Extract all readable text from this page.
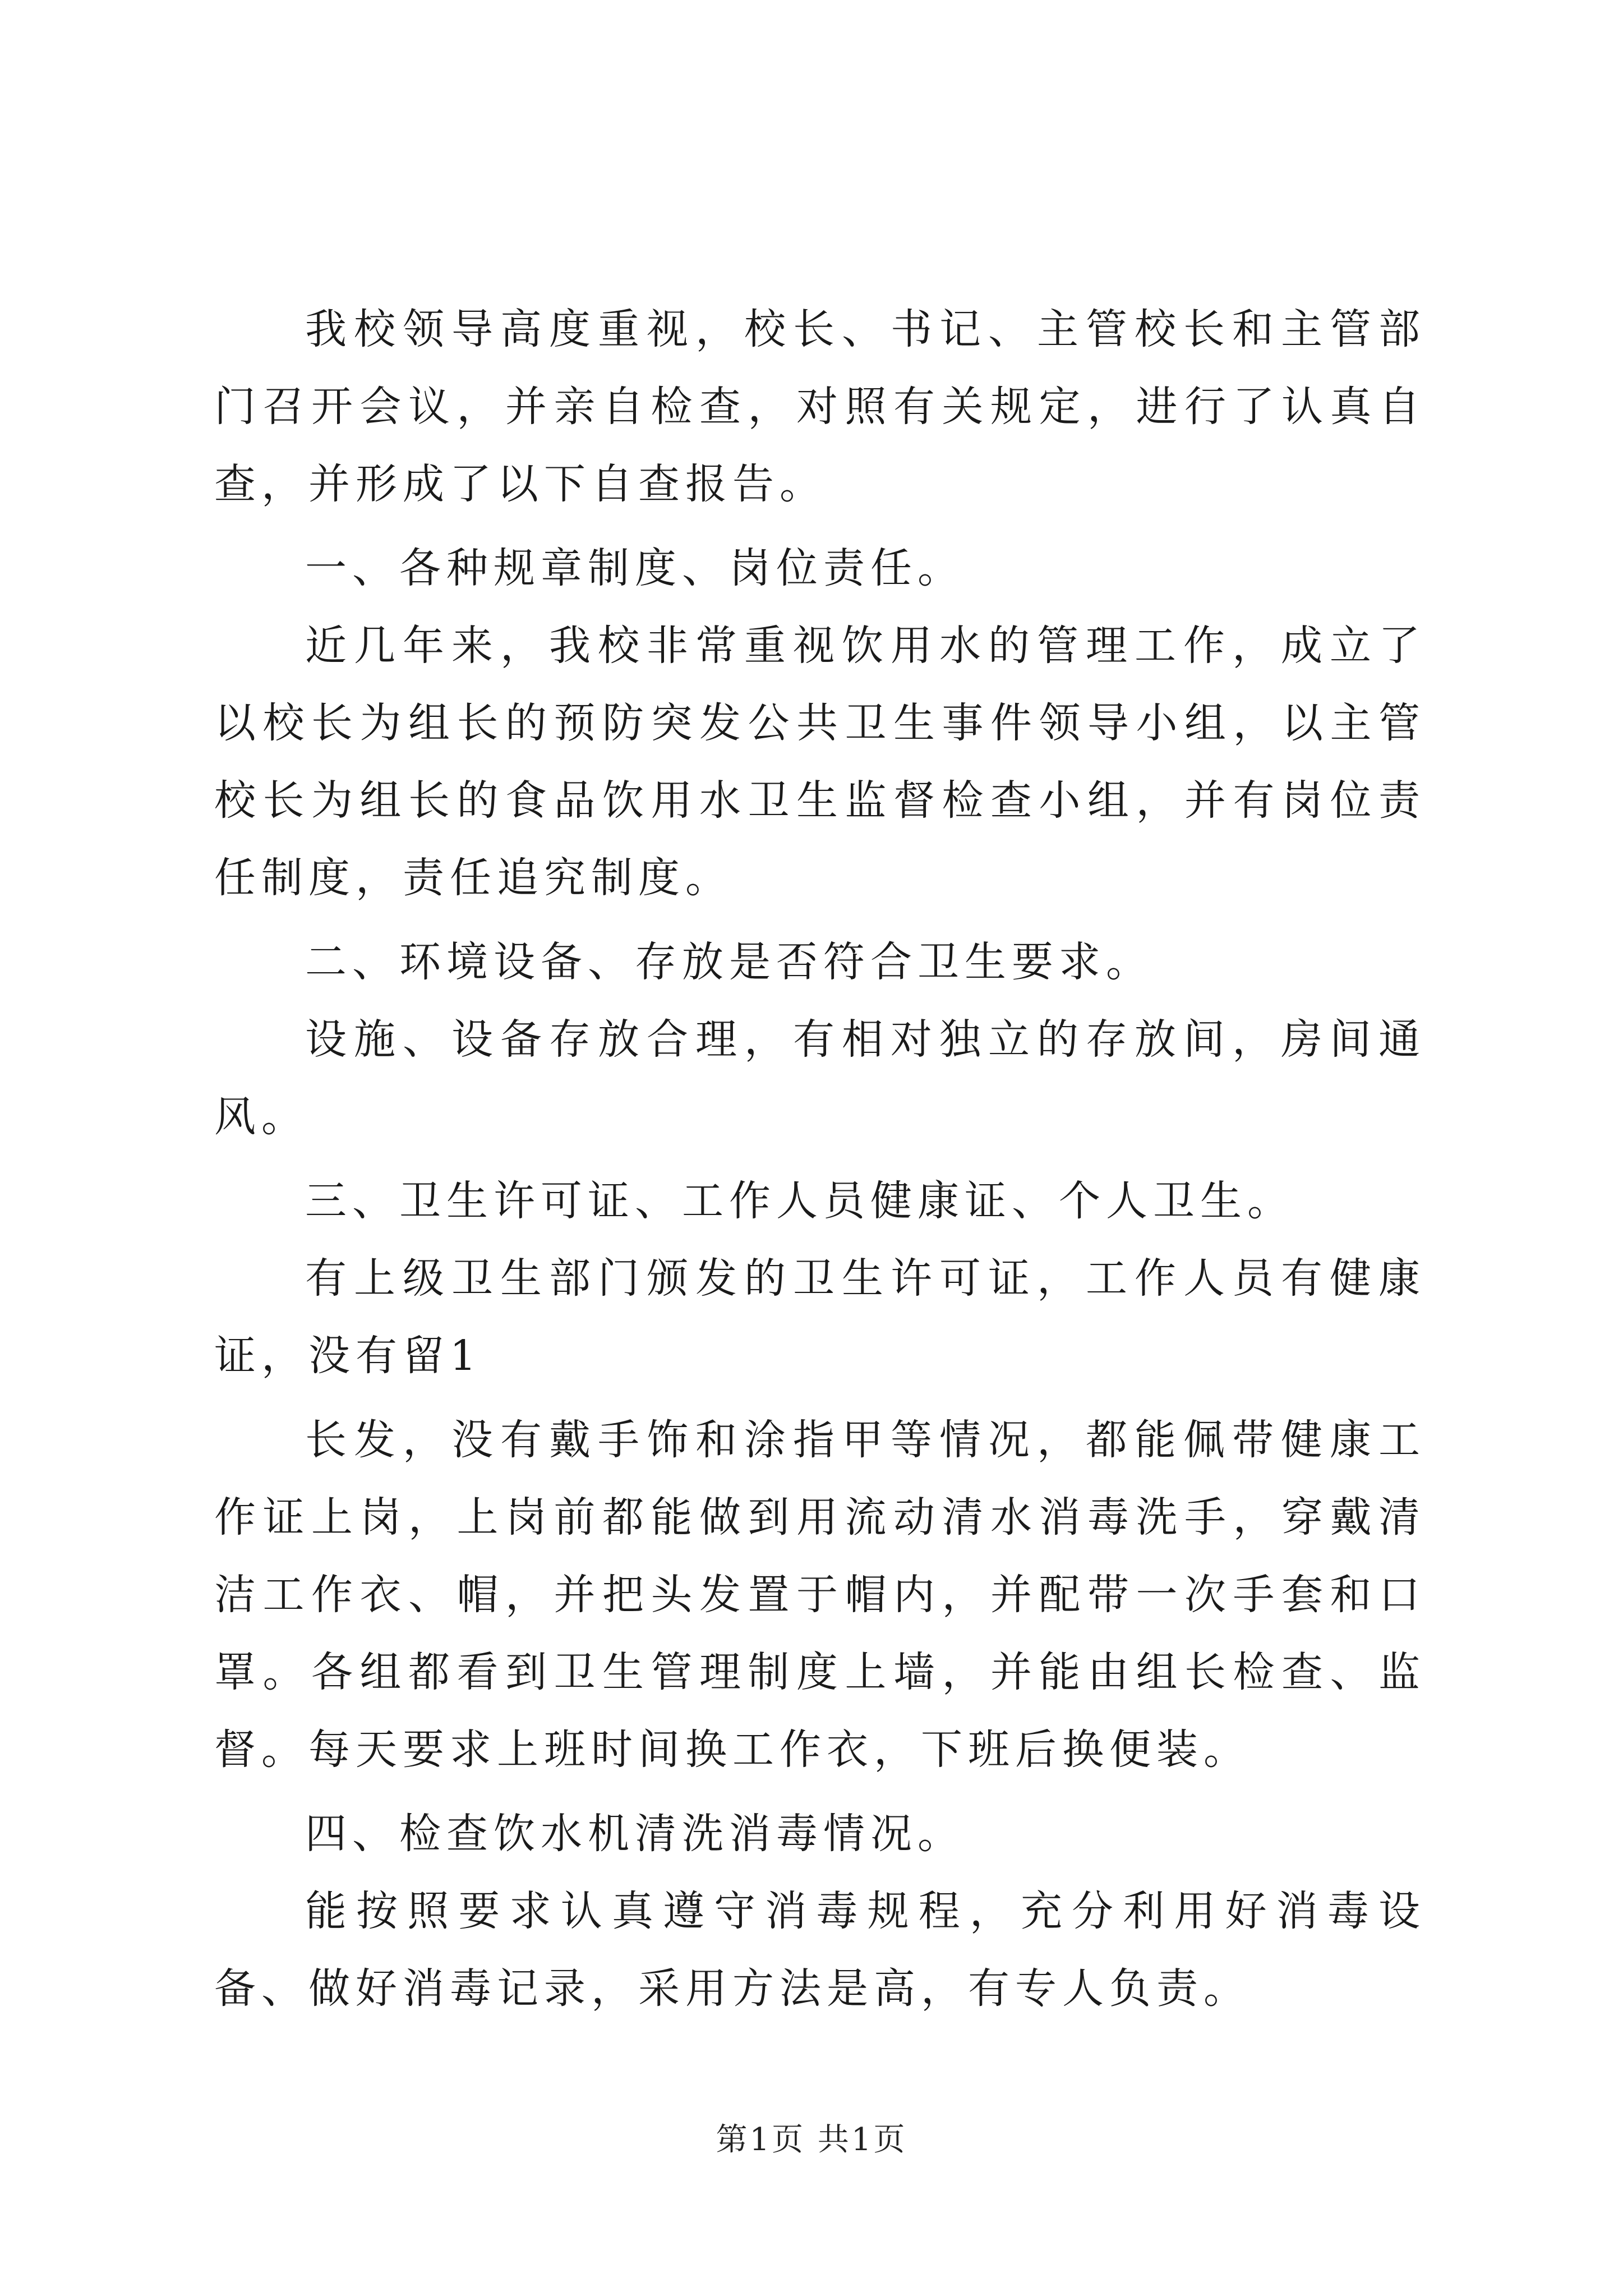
我校领导高度重视，校长、书记、主管校长和主管部门召开会议，并亲自检查，对照有关规定，进行了认真自查，并形成了以下自查报告。

一、各种规章制度、岗位责任。

近几年来，我校非常重视饮用水的管理工作，成立了以校长为组长的预防突发公共卫生事件领导小组，以主管校长为组长的食品饮用水卫生监督检查小组，并有岗位责任制度，责任追究制度。

二、环境设备、存放是否符合卫生要求。

设施、设备存放合理，有相对独立的存放间，房间通风。

三、卫生许可证、工作人员健康证、个人卫生。

有上级卫生部门颁发的卫生许可证，工作人员有健康证，没有留1

长发，没有戴手饰和涂指甲等情况，都能佩带健康工作证上岗，上岗前都能做到用流动清水消毒洗手，穿戴清洁工作衣、帽，并把头发置于帽内，并配带一次手套和口罩。各组都看到卫生管理制度上墙，并能由组长检查、监督。每天要求上班时间换工作衣，下班后换便装。

四、检查饮水机清洗消毒情况。

能按照要求认真遵守消毒规程，充分利用好消毒设备、做好消毒记录，采用方法是高，有专人负责。

第1页 共1页
